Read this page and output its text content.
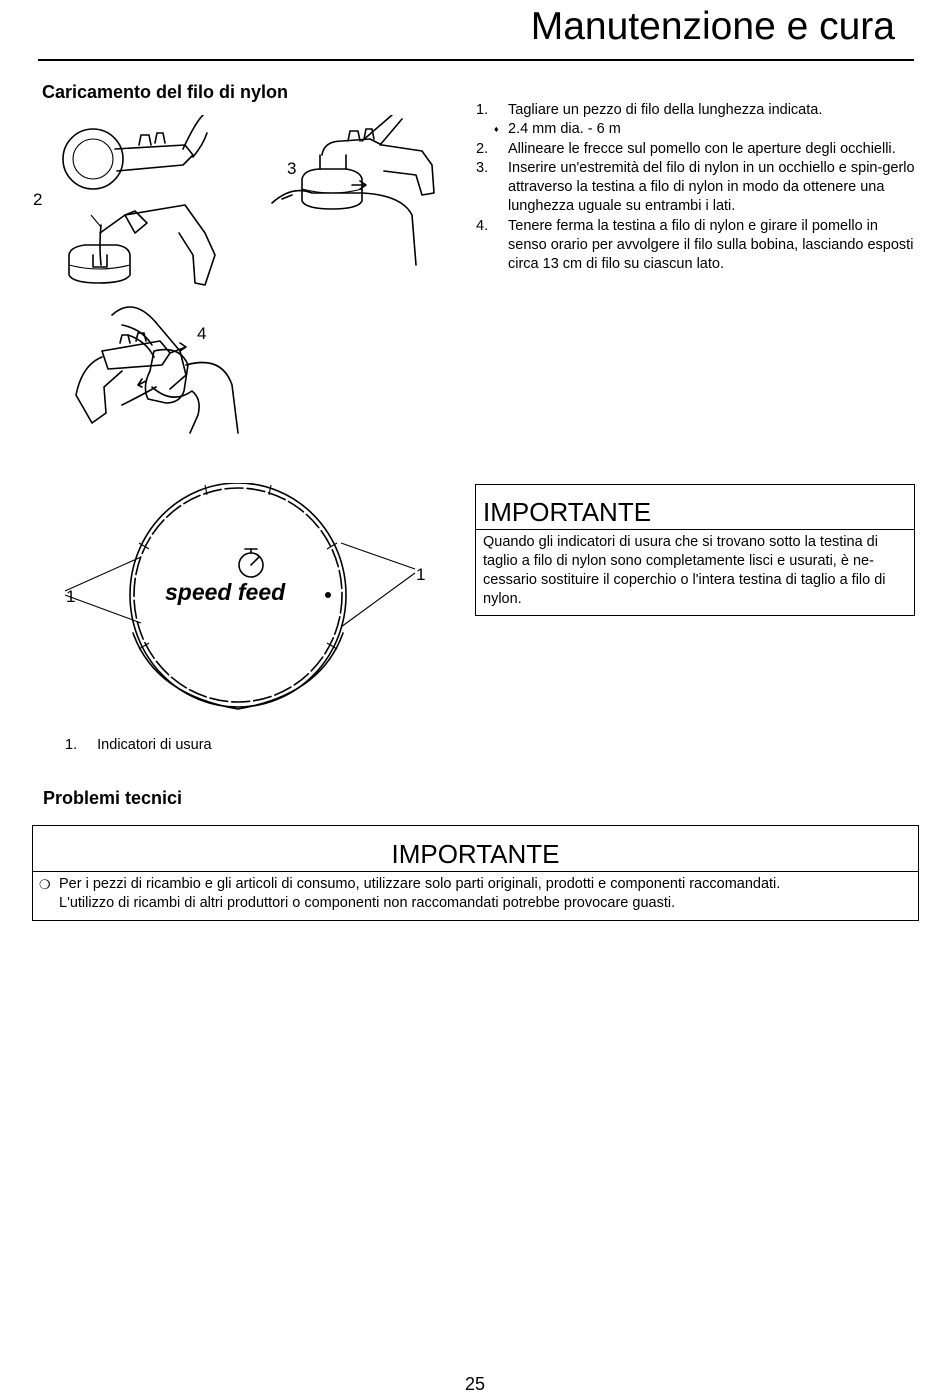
Manutenzione e cura
Caricamento del filo di nylon
1.	Tagliare un pezzo di filo della lunghezza indicata.
♦ 2.4 mm dia. - 6 m
2.	Allineare le frecce sul pomello con le aperture degli occhielli.
3.	Inserire un'estremità del filo di nylon in un occhiello e spin-gerlo attraverso la testina a filo di nylon in modo da ottenere una lunghezza uguale su entrambi i lati.
4.	Tenere ferma la testina a filo di nylon e girare il pomello in senso orario per avvolgere il filo sulla bobina, lasciando esposti circa 13 cm di filo su ciascun lato.
2
3
4
speed feed
1
1
IMPORTANTE
Quando gli indicatori di usura che si trovano sotto la testina di taglio a filo di nylon sono completamente lisci e usurati, è ne-cessario sostituire il coperchio o l'intera testina di taglio a filo di nylon.
1. Indicatori di usura
Problemi tecnici
IMPORTANTE
❍ Per i pezzi di ricambio e gli articoli di consumo, utilizzare solo parti originali, prodotti e componenti raccomandati.
L'utilizzo di ricambi di altri produttori o componenti non raccomandati potrebbe provocare guasti.
25
